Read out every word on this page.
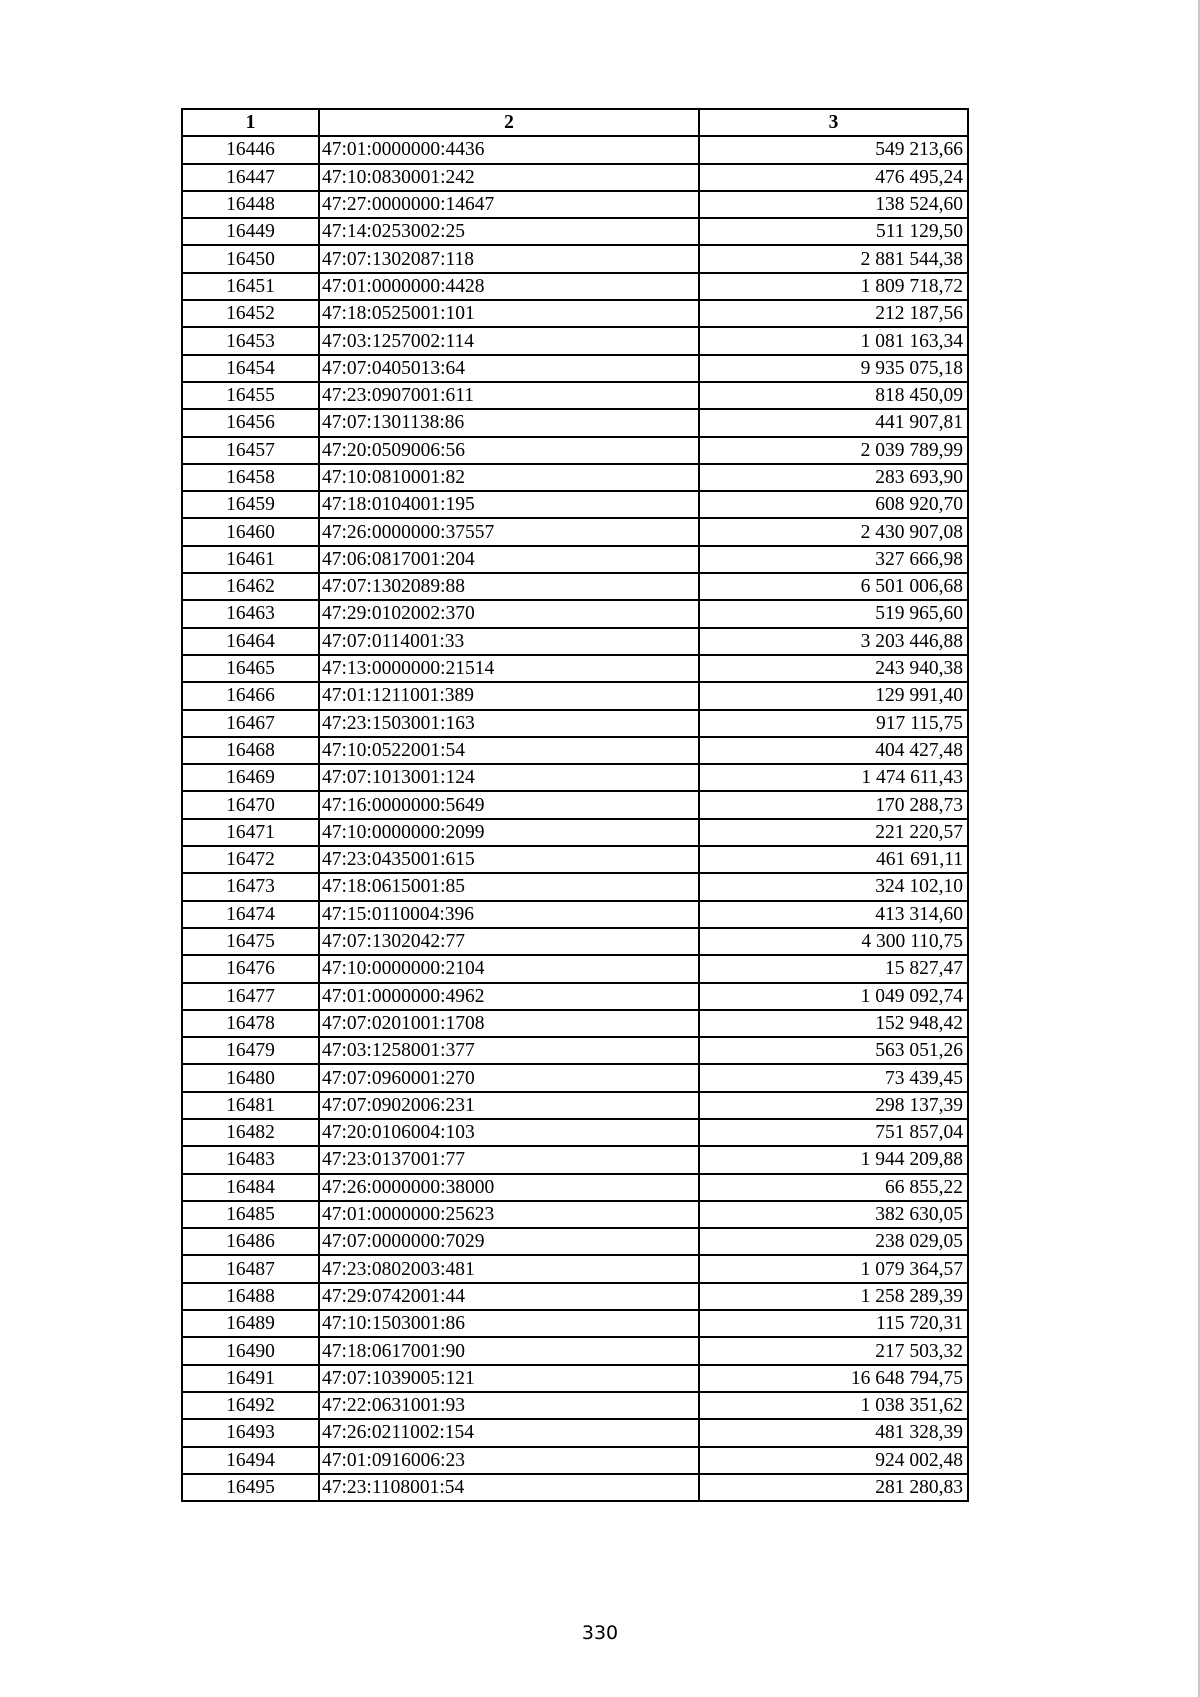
1	2	3
16446	47:01:0000000:4436	549 213,66
16447	47:10:0830001:242	476 495,24
16448	47:27:0000000:14647	138 524,60
16449	47:14:0253002:25	511 129,50
16450	47:07:1302087:118	2 881 544,38
16451	47:01:0000000:4428	1 809 718,72
16452	47:18:0525001:101	212 187,56
16453	47:03:1257002:114	1 081 163,34
16454	47:07:0405013:64	9 935 075,18
16455	47:23:0907001:611	818 450,09
16456	47:07:1301138:86	441 907,81
16457	47:20:0509006:56	2 039 789,99
16458	47:10:0810001:82	283 693,90
16459	47:18:0104001:195	608 920,70
16460	47:26:0000000:37557	2 430 907,08
16461	47:06:0817001:204	327 666,98
16462	47:07:1302089:88	6 501 006,68
16463	47:29:0102002:370	519 965,60
16464	47:07:0114001:33	3 203 446,88
16465	47:13:0000000:21514	243 940,38
16466	47:01:1211001:389	129 991,40
16467	47:23:1503001:163	917 115,75
16468	47:10:0522001:54	404 427,48
16469	47:07:1013001:124	1 474 611,43
16470	47:16:0000000:5649	170 288,73
16471	47:10:0000000:2099	221 220,57
16472	47:23:0435001:615	461 691,11
16473	47:18:0615001:85	324 102,10
16474	47:15:0110004:396	413 314,60
16475	47:07:1302042:77	4 300 110,75
16476	47:10:0000000:2104	15 827,47
16477	47:01:0000000:4962	1 049 092,74
16478	47:07:0201001:1708	152 948,42
16479	47:03:1258001:377	563 051,26
16480	47:07:0960001:270	73 439,45
16481	47:07:0902006:231	298 137,39
16482	47:20:0106004:103	751 857,04
16483	47:23:0137001:77	1 944 209,88
16484	47:26:0000000:38000	66 855,22
16485	47:01:0000000:25623	382 630,05
16486	47:07:0000000:7029	238 029,05
16487	47:23:0802003:481	1 079 364,57
16488	47:29:0742001:44	1 258 289,39
16489	47:10:1503001:86	115 720,31
16490	47:18:0617001:90	217 503,32
16491	47:07:1039005:121	16 648 794,75
16492	47:22:0631001:93	1 038 351,62
16493	47:26:0211002:154	481 328,39
16494	47:01:0916006:23	924 002,48
16495	47:23:1108001:54	281 280,83
330
